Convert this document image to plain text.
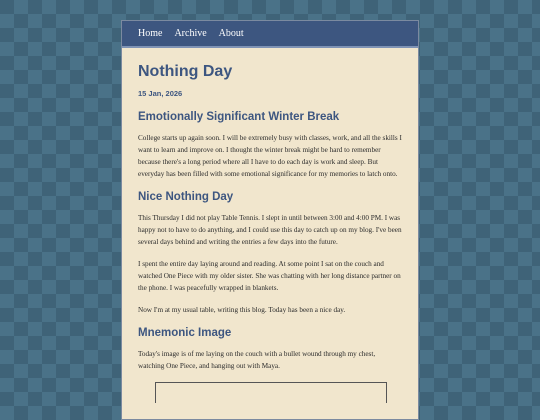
Home Archive About
Nothing Day
15 Jan, 2026
Emotionally Significant Winter Break

College starts up again soon. I will be extremely busy with classes, work, and all the skills I want to learn and improve on. I thought the winter break might be hard to remember because there's a long period where all I have to do each day is work and sleep. But everyday has been filled with some emotional significance for my memories to latch onto.

Nice Nothing Day

This Thursday I did not play Table Tennis. I slept in until between 3:00 and 4:00 PM. I was happy not to have to do anything, and I could use this day to catch up on my blog. I've been several days behind and writing the entries a few days into the future.

I spent the entire day laying around and reading. At some point I sat on the couch and watched One Piece with my older sister. She was chatting with her long distance partner on the phone. I was peacefully wrapped in blankets.

Now I'm at my usual table, writing this blog. Today has been a nice day.

Mnemonic Image

Today's image is of me laying on the couch with a bullet wound through my chest, watching One Piece, and hanging out with Maya.
